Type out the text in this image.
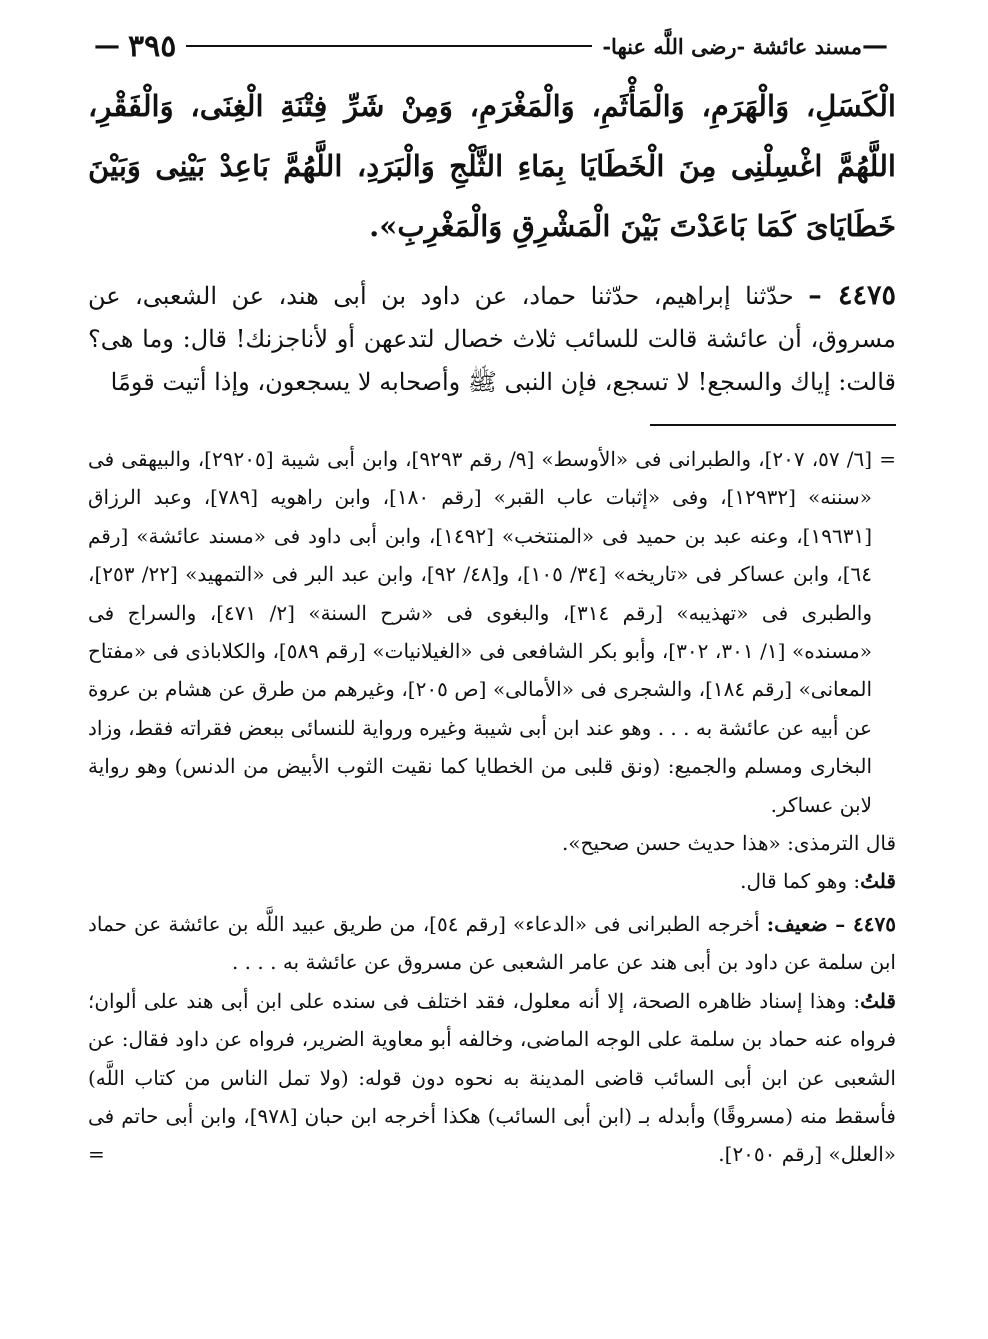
—
مسند عائشة -رضى اللَّه عنها-
٣٩٥
—

الْكَسَلِ، وَالْهَرَمِ، وَالْمَأْثَمِ، وَالْمَغْرَمِ، وَمِنْ شَرِّ فِتْنَةِ الْغِنَى، وَالْفَقْرِ، اللَّهُمَّ اغْسِلْنِى مِنَ الْخَطَايَا بِمَاءِ الثَّلْجِ وَالْبَرَدِ، اللَّهُمَّ بَاعِدْ بَيْنِى وَبَيْنَ خَطَايَاىَ كَمَا بَاعَدْتَ بَيْنَ الْمَشْرِقِ وَالْمَغْرِبِ».

٤٤٧٥ – حدّثنا إبراهيم، حدّثنا حماد، عن داود بن أبى هند، عن الشعبى، عن مسروق، أن عائشة قالت للسائب ثلاث خصال لتدعهن أو لأناجزنك! قال: وما هى؟ قالت: إياك والسجع! لا تسجع، فإن النبى ﷺ وأصحابه لا يسجعون، وإذا أتيت قومًا

=
[٦/ ٥٧، ٢٠٧]، والطبرانى فى «الأوسط» [٩/ رقم ٩٢٩٣]، وابن أبى شيبة [٢٩٢٠٥]، والبيهقى فى «سننه» [١٢٩٣٢]، وفى «إثبات عاب القبر» [رقم ١٨٠]، وابن راهويه [٧٨٩]، وعبد الرزاق [١٩٦٣١]، وعنه عبد بن حميد فى «المنتخب» [١٤٩٢]، وابن أبى داود فى «مسند عائشة» [رقم ٦٤]، وابن عساكر فى «تاريخه» [٣٤/ ١٠٥]، و[٤٨/ ٩٢]، وابن عبد البر فى «التمهيد» [٢٢/ ٢٥٣]، والطبرى فى «تهذيبه» [رقم ٣١٤]، والبغوى فى «شرح السنة» [٢/ ٤٧١]، والسراج فى «مسنده» [١/ ٣٠١، ٣٠٢]، وأبو بكر الشافعى فى «الغيلانيات» [رقم ٥٨٩]، والكلاباذى فى «مفتاح المعانى» [رقم ١٨٤]، والشجرى فى «الأمالى» [ص ٢٠٥]، وغيرهم من طرق عن هشام بن عروة عن أبيه عن عائشة به . . . وهو عند ابن أبى شيبة وغيره ورواية للنسائى ببعض فقراته فقط، وزاد البخارى ومسلم والجميع: (ونق قلبى من الخطايا كما نقيت الثوب الأبيض من الدنس) وهو رواية لابن عساكر.

قال الترمذى: «هذا حديث حسن صحيح».

قلتُ: وهو كما قال.

٤٤٧٥ – ضعيف: أخرجه الطبرانى فى «الدعاء» [رقم ٥٤]، من طريق عبيد اللَّه بن عائشة عن حماد ابن سلمة عن داود بن أبى هند عن عامر الشعبى عن مسروق عن عائشة به . . . .

قلتُ: وهذا إسناد ظاهره الصحة، إلا أنه معلول، فقد اختلف فى سنده على ابن أبى هند على ألوان؛ فرواه عنه حماد بن سلمة على الوجه الماضى، وخالفه أبو معاوية الضرير، فرواه عن داود فقال: عن الشعبى عن ابن أبى السائب قاضى المدينة به نحوه دون قوله: (ولا تمل الناس من كتاب اللَّه) فأسقط منه (مسروقًا) وأبدله بـ (ابن أبى السائب) هكذا أخرجه ابن حبان [٩٧٨]، وابن أبى حاتم فى «العلل» [رقم ٢٠٥٠].
=
